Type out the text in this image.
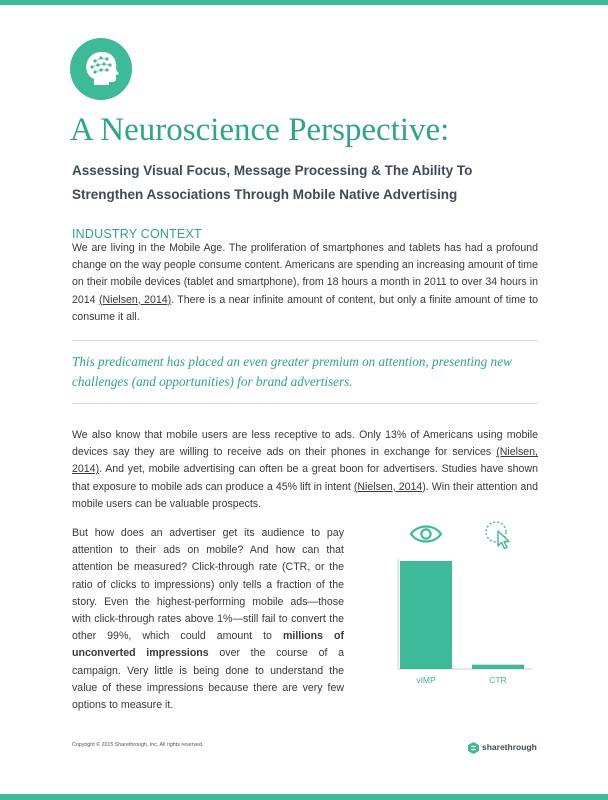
A Neuroscience Perspective:
Assessing Visual Focus, Message Processing & The Ability To
Strengthen Associations Through Mobile Native Advertising
INDUSTRY CONTEXT

We are living in the Mobile Age. The proliferation of smartphones and tablets has had a profound change on the way people consume content. Americans are spending an increasing amount of time on their mobile devices (tablet and smartphone), from 18 hours a month in 2011 to over 34 hours in 2014 (Nielsen, 2014). There is a near infinite amount of content, but only a finite amount of time to consume it all.

This predicament has placed an even greater premium on attention, presenting new challenges (and opportunities) for brand advertisers.

We also know that mobile users are less receptive to ads. Only 13% of Americans using mobile devices say they are willing to receive ads on their phones in exchange for services (Nielsen, 2014). And yet, mobile advertising can often be a great boon for advertisers. Studies have shown that exposure to mobile ads can produce a 45% lift in intent (Nielsen, 2014). Win their attention and mobile users can be valuable prospects.

But how does an advertiser get its audience to pay attention to their ads on mobile? And how can that attention be measured? Click-through rate (CTR, or the ratio of clicks to impressions) only tells a fraction of the story. Even the highest-performing mobile ads—those with click-through rates above 1%—still fail to convert the other 99%, which could amount to millions of unconverted impressions over the course of a campaign. Very little is being done to understand the value of these impressions because there are very few options to measure it.

vIMP	CTR
Copyright © 2015 Sharethrough, Inc. All rights reserved.	sharethrough
